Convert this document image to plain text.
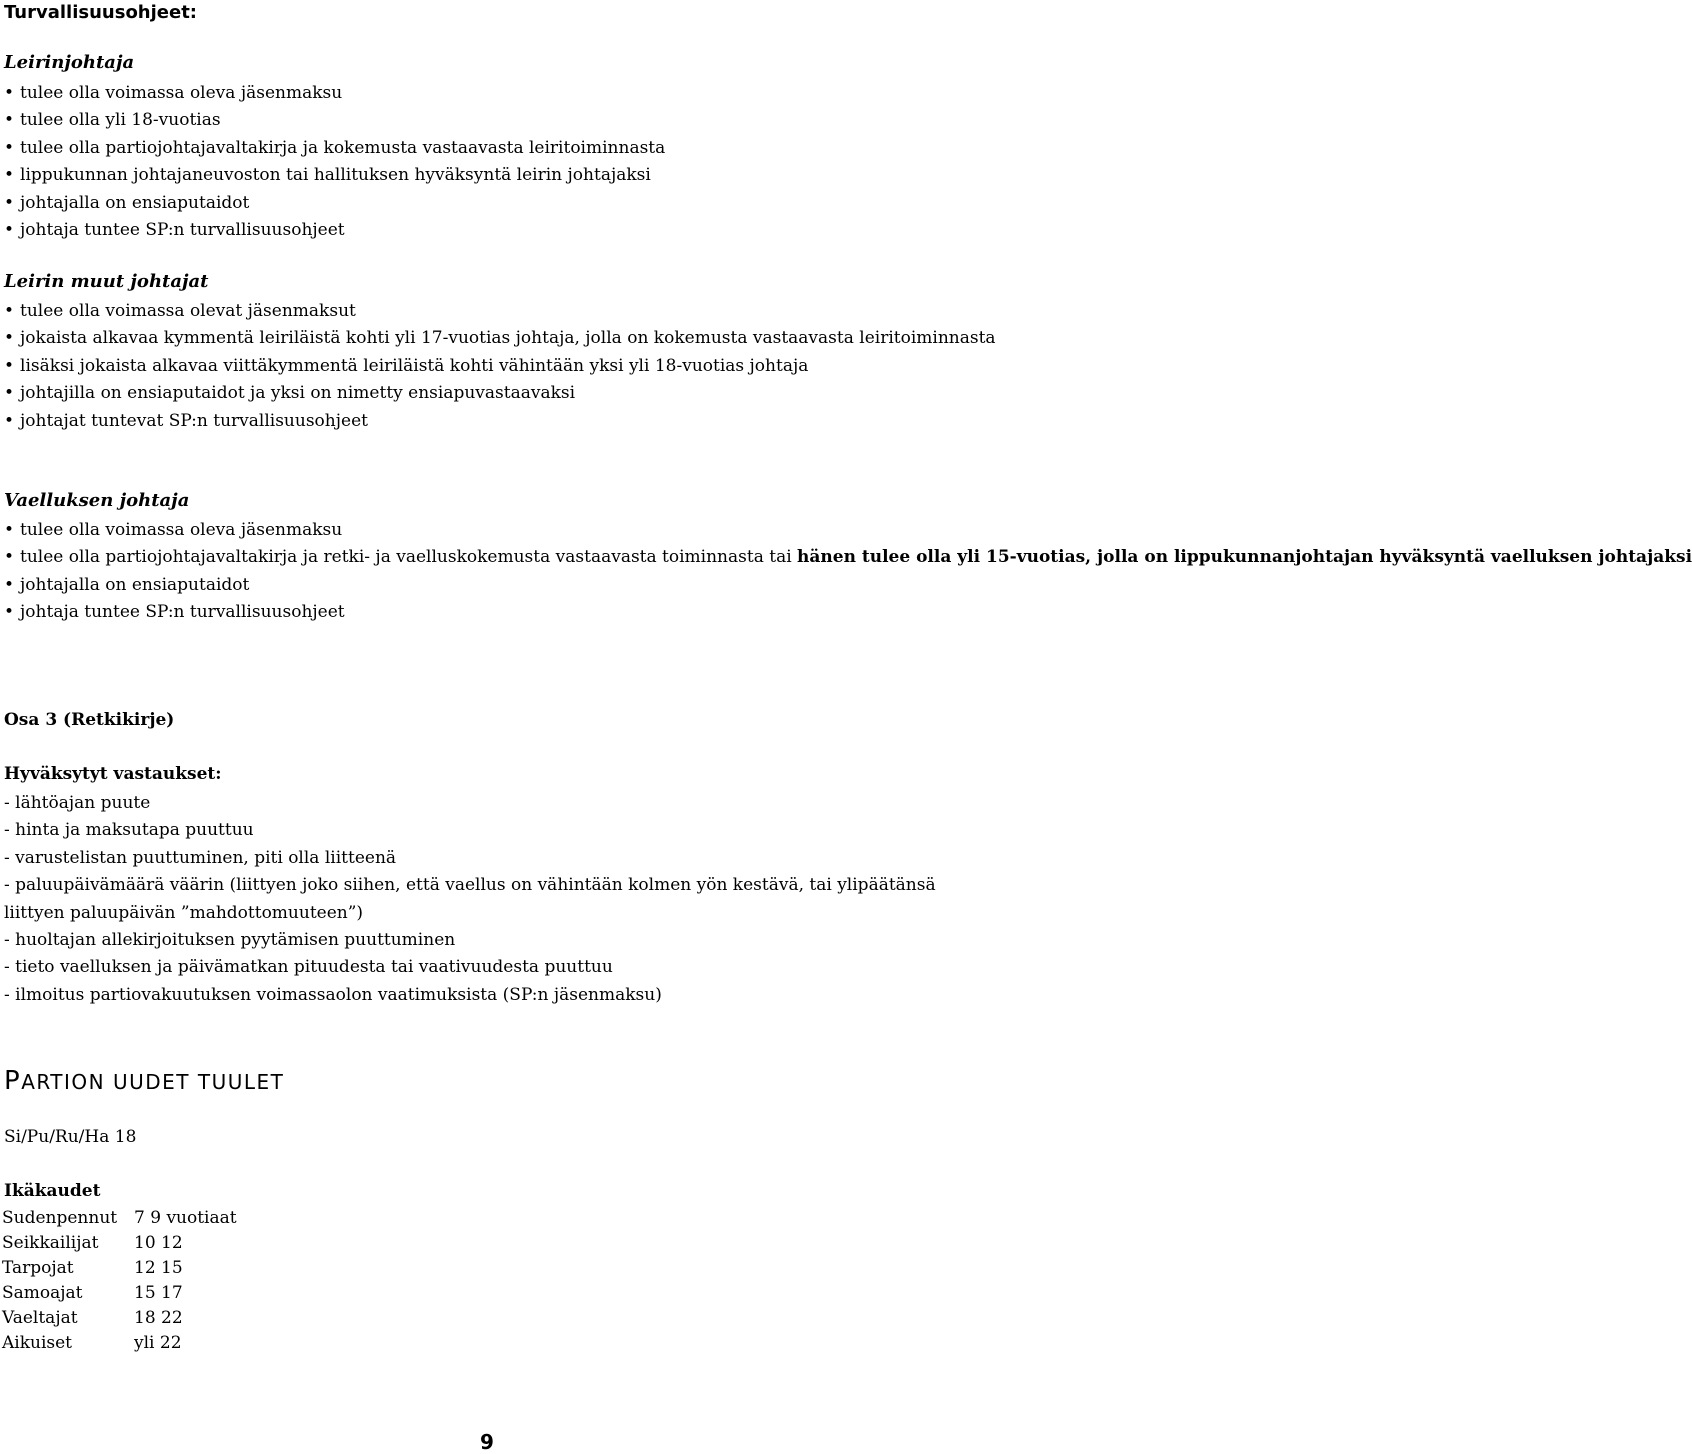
Turvallisuusohjeet:
Leirinjohtaja
• tulee olla voimassa oleva jäsenmaksu
• tulee olla yli 18-vuotias
• tulee olla partiojohtajavaltakirja ja kokemusta vastaavasta leiritoiminnasta
• lippukunnan johtajaneuvoston tai hallituksen hyväksyntä leirin johtajaksi
• johtajalla on ensiaputaidot
• johtaja tuntee SP:n turvallisuusohjeet
Leirin muut johtajat
• tulee olla voimassa olevat jäsenmaksut
• jokaista alkavaa kymmentä leiriläistä kohti yli 17-vuotias johtaja, jolla on kokemusta vastaavasta leiritoiminnasta
• lisäksi jokaista alkavaa viittäkymmentä leiriläistä kohti vähintään yksi yli 18-vuotias johtaja
• johtajilla on ensiaputaidot ja yksi on nimetty ensiapuvastaavaksi
• johtajat tuntevat SP:n turvallisuusohjeet
Vaelluksen johtaja
• tulee olla voimassa oleva jäsenmaksu
• tulee olla partiojohtajavaltakirja ja retki- ja vaelluskokemusta vastaavasta toiminnasta tai hänen tulee olla yli 15-vuotias, jolla on lippukunnanjohtajan hyväksyntä vaelluksen johtajaksi
• johtajalla on ensiaputaidot
• johtaja tuntee SP:n turvallisuusohjeet
Osa 3 (Retkikirje)
Hyväksytyt vastaukset:
- lähtöajan puute
- hinta ja maksutapa puuttuu
- varustelistan puuttuminen, piti olla liitteenä
- paluupäivämäärä väärin (liittyen joko siihen, että vaellus on vähintään kolmen yön kestävä, tai ylipäätänsä liittyen paluupäivän ”mahdottomuuteen”)
- huoltajan allekirjoituksen pyytämisen puuttuminen
- tieto vaelluksen ja päivämatkan pituudesta tai vaativuudesta puuttuu
- ilmoitus partiovakuutuksen voimassaolon vaatimuksista (SP:n jäsenmaksu)
PARTION UUDET TUULET
Si/Pu/Ru/Ha 18
Ikäkaudet
Sudenpennut	7 9 vuotiaat
Seikkailijat	10 12
Tarpojat	12 15
Samoajat	15 17
Vaeltajat	18 22
Aikuiset	yli 22
9
